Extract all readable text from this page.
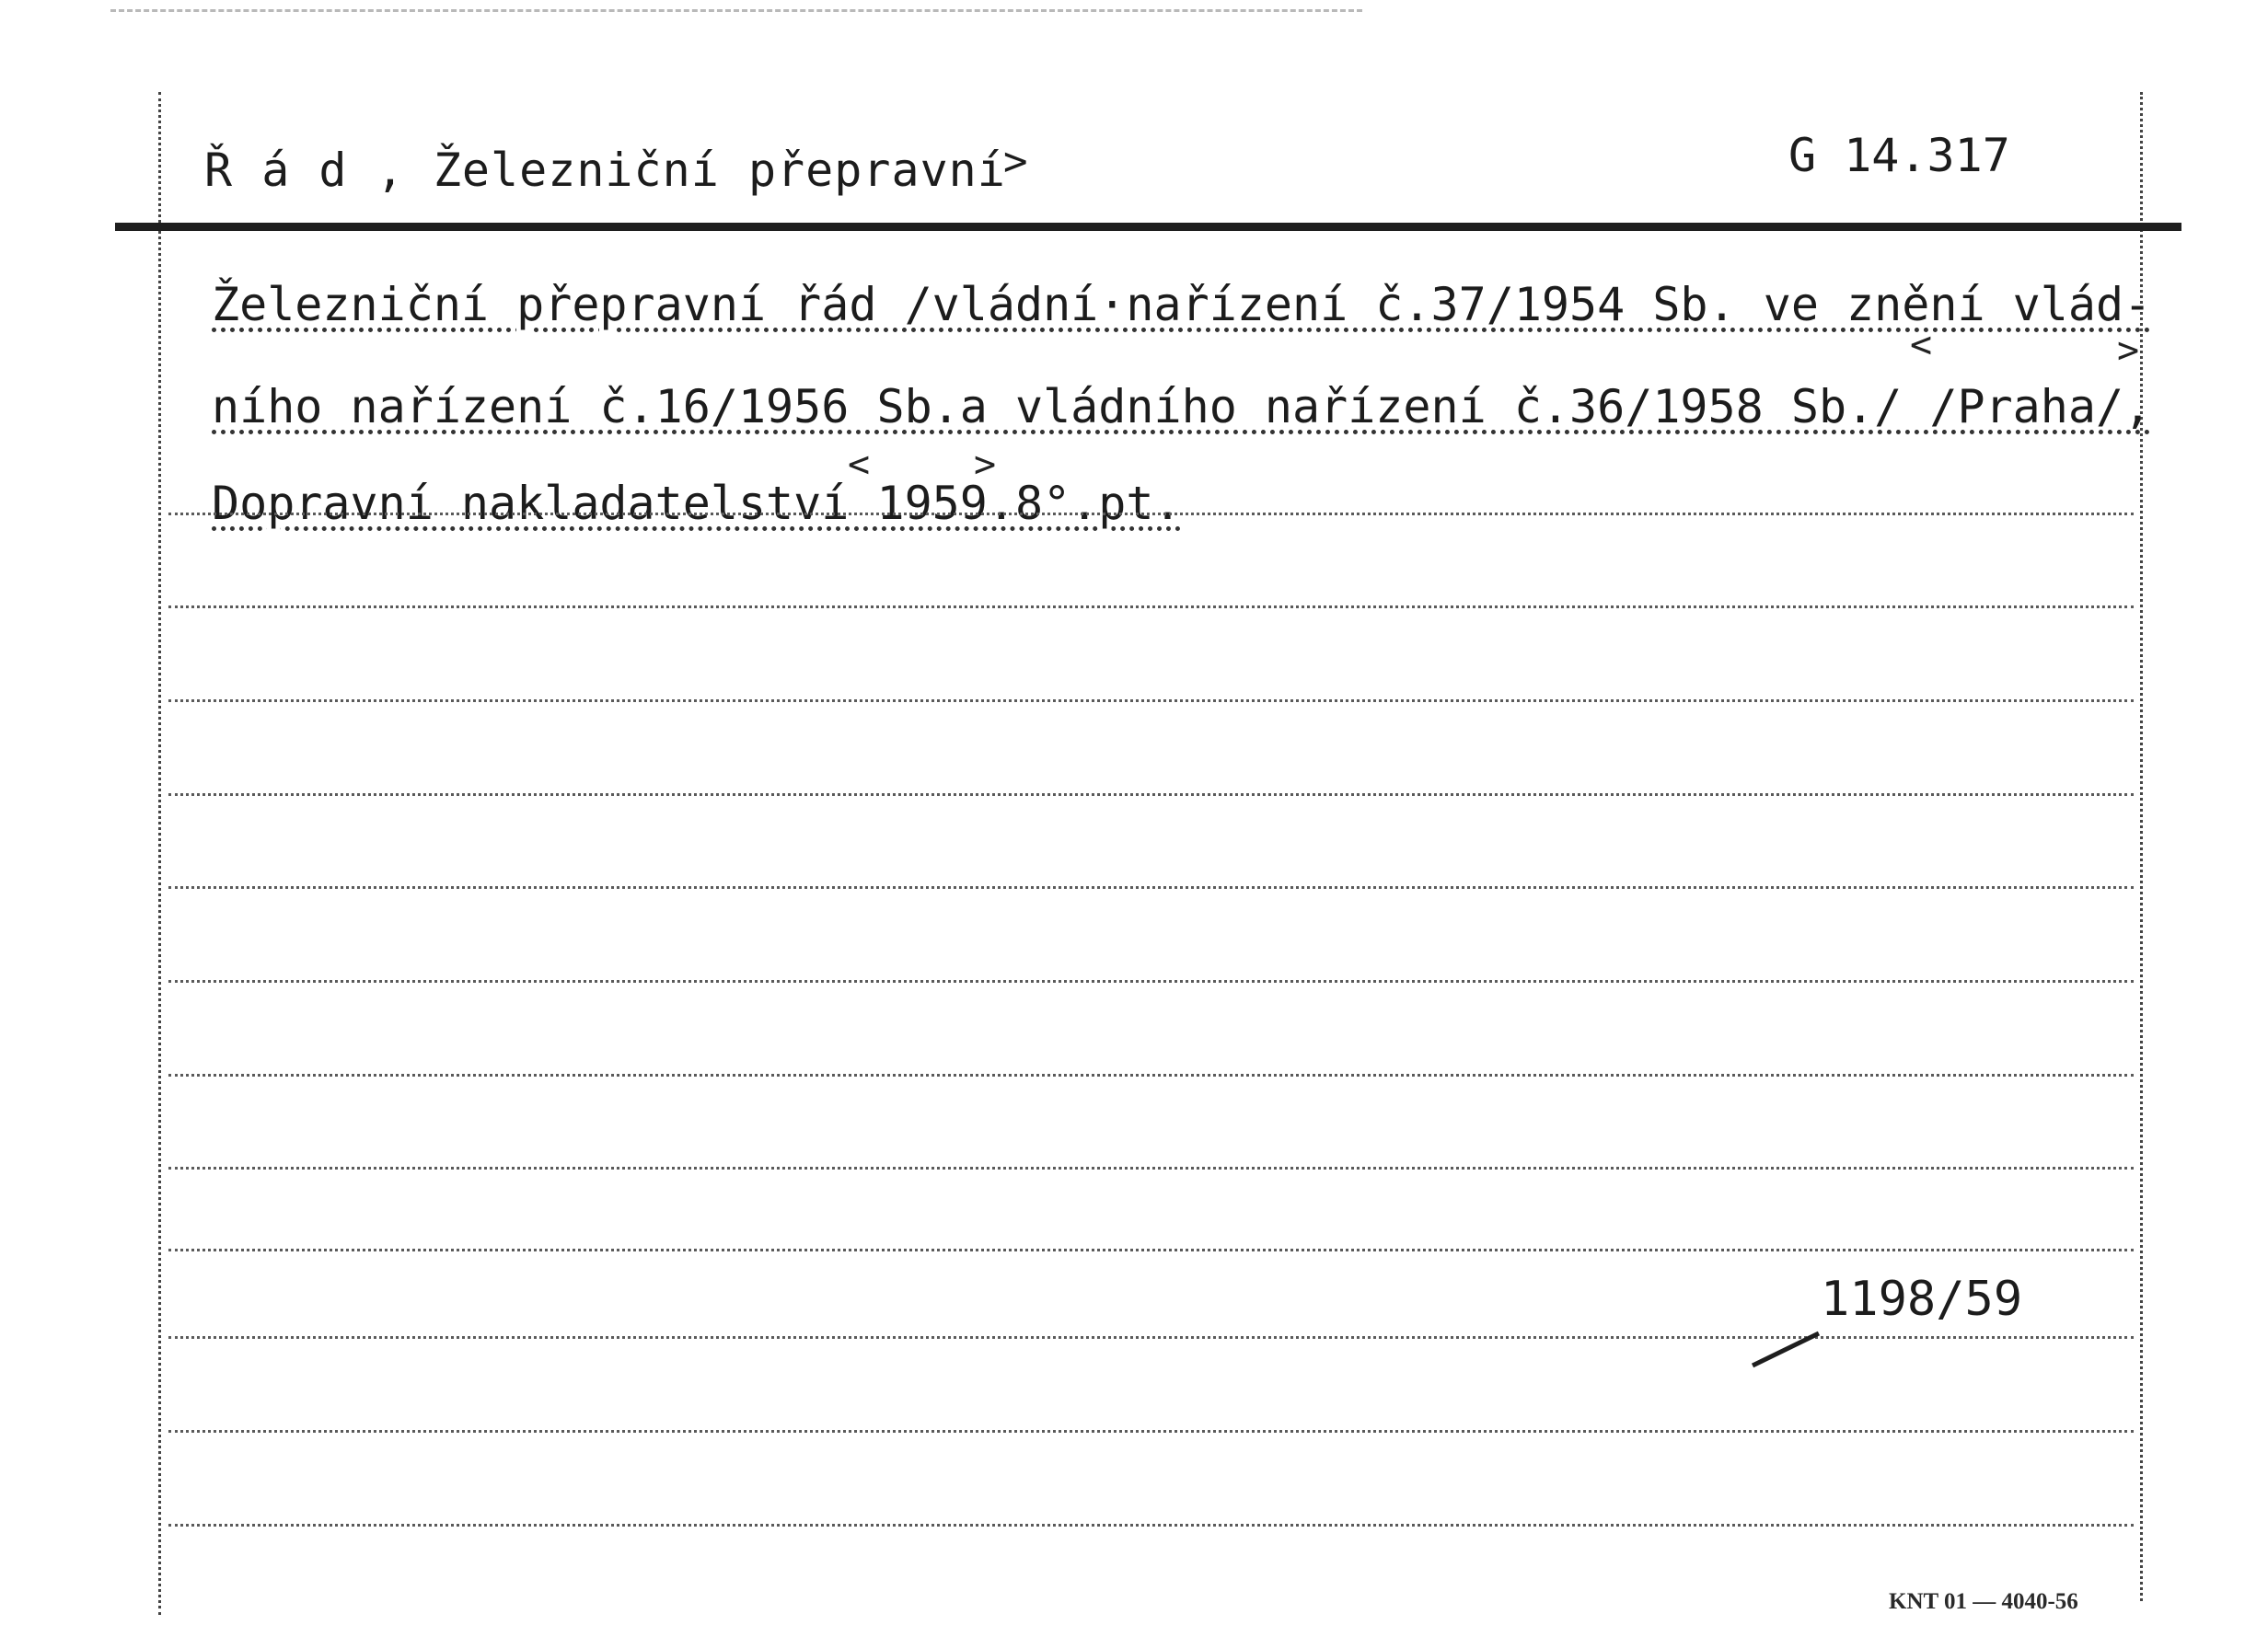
Ř á d , Železniční přepravní
>	G 14.317
Železniční přepravní řád /vládní·nařízení č.37/1954 Sb. ve znění vlád-
ního nařízení č.16/1956 Sb.a vládního nařízení č.36/1958 Sb./ /Praha/,
Dopravní nakladatelství 1959.8°.pt.
<	>
<	>
1198/59
KNT 01 — 4040-56
